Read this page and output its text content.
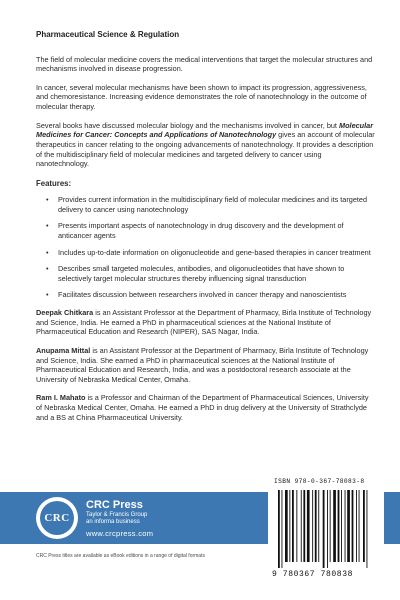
Pharmaceutical Science & Regulation

The field of molecular medicine covers the medical interventions that target the molecular structures and mechanisms involved in disease progression.

In cancer, several molecular mechanisms have been shown to impact its progression, aggressiveness, and chemoresistance. Increasing evidence demonstrates the role of nanotechnology in the outcome of molecular therapy.

Several books have discussed molecular biology and the mechanisms involved in cancer, but Molecular Medicines for Cancer: Concepts and Applications of Nanotechnology gives an account of molecular therapeutics in cancer relating to the ongoing advancements of nanotechnology. It provides a description of the multidisciplinary field of molecular medicines and targeted delivery to cancer using nanotechnology.

Features:
• Provides current information in the multidisciplinary field of molecular medicines and its targeted delivery to cancer using nanotechnology
• Presents important aspects of nanotechnology in drug discovery and the development of anticancer agents
• Includes up-to-date information on oligonucleotide and gene-based therapies in cancer treatment
• Describes small targeted molecules, antibodies, and oligonucleotides that have shown to selectively target molecular structures thereby influencing signal transduction
• Facilitates discussion between researchers involved in cancer therapy and nanoscientists
Deepak Chitkara is an Assistant Professor at the Department of Pharmacy, Birla Institute of Technology and Science, India. He earned a PhD in pharmaceutical sciences at the National Institute of Pharmaceutical Education and Research (NIPER), SAS Nagar, India.
Anupama Mittal is an Assistant Professor at the Department of Pharmacy, Birla Institute of Technology and Science, India. She earned a PhD in pharmaceutical sciences at the National Institute of Pharmaceutical Education and Research, India, and was a postdoctoral research associate at the University of Nebraska Medical Center, Omaha.
Ram I. Mahato is a Professor and Chairman of the Department of Pharmaceutical Sciences, University of Nebraska Medical Center, Omaha. He earned a PhD in drug delivery at the University of Strathclyde and a BS at China Pharmaceutical University.
CRC
CRC Press
Taylor & Francis Group
an informa business
www.crcpress.com
CRC Press titles are available as eBook editions in a range of digital formats
ISBN 978-0-367-78083-8
9 780367 780838
